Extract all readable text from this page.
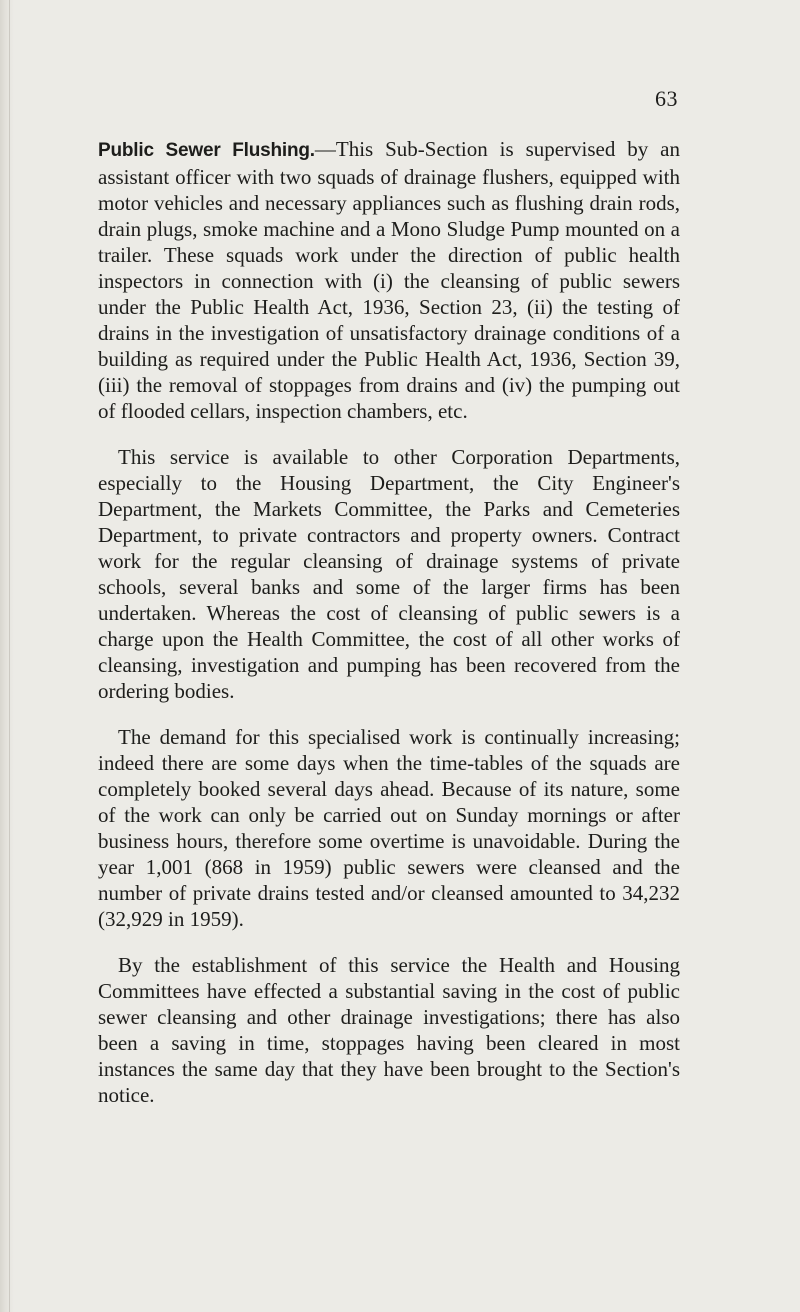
63

Public Sewer Flushing.—This Sub-Section is supervised by an assistant officer with two squads of drainage flushers, equipped with motor vehicles and necessary appliances such as flushing drain rods, drain plugs, smoke machine and a Mono Sludge Pump mounted on a trailer. These squads work under the direction of public health inspectors in connection with (i) the cleansing of public sewers under the Public Health Act, 1936, Section 23, (ii) the testing of drains in the investigation of unsatisfactory drainage conditions of a building as required under the Public Health Act, 1936, Section 39, (iii) the removal of stoppages from drains and (iv) the pumping out of flooded cellars, inspection chambers, etc.

This service is available to other Corporation Departments, especially to the Housing Department, the City Engineer's Department, the Markets Committee, the Parks and Cemeteries Department, to private contractors and property owners. Contract work for the regular cleansing of drainage systems of private schools, several banks and some of the larger firms has been undertaken. Whereas the cost of cleansing of public sewers is a charge upon the Health Committee, the cost of all other works of cleansing, investigation and pumping has been recovered from the ordering bodies.

The demand for this specialised work is continually increasing; indeed there are some days when the time-tables of the squads are completely booked several days ahead. Because of its nature, some of the work can only be carried out on Sunday mornings or after business hours, therefore some overtime is unavoidable. During the year 1,001 (868 in 1959) public sewers were cleansed and the number of private drains tested and/or cleansed amounted to 34,232 (32,929 in 1959).

By the establishment of this service the Health and Housing Committees have effected a substantial saving in the cost of public sewer cleansing and other drainage investigations; there has also been a saving in time, stoppages having been cleared in most instances the same day that they have been brought to the Section's notice.
